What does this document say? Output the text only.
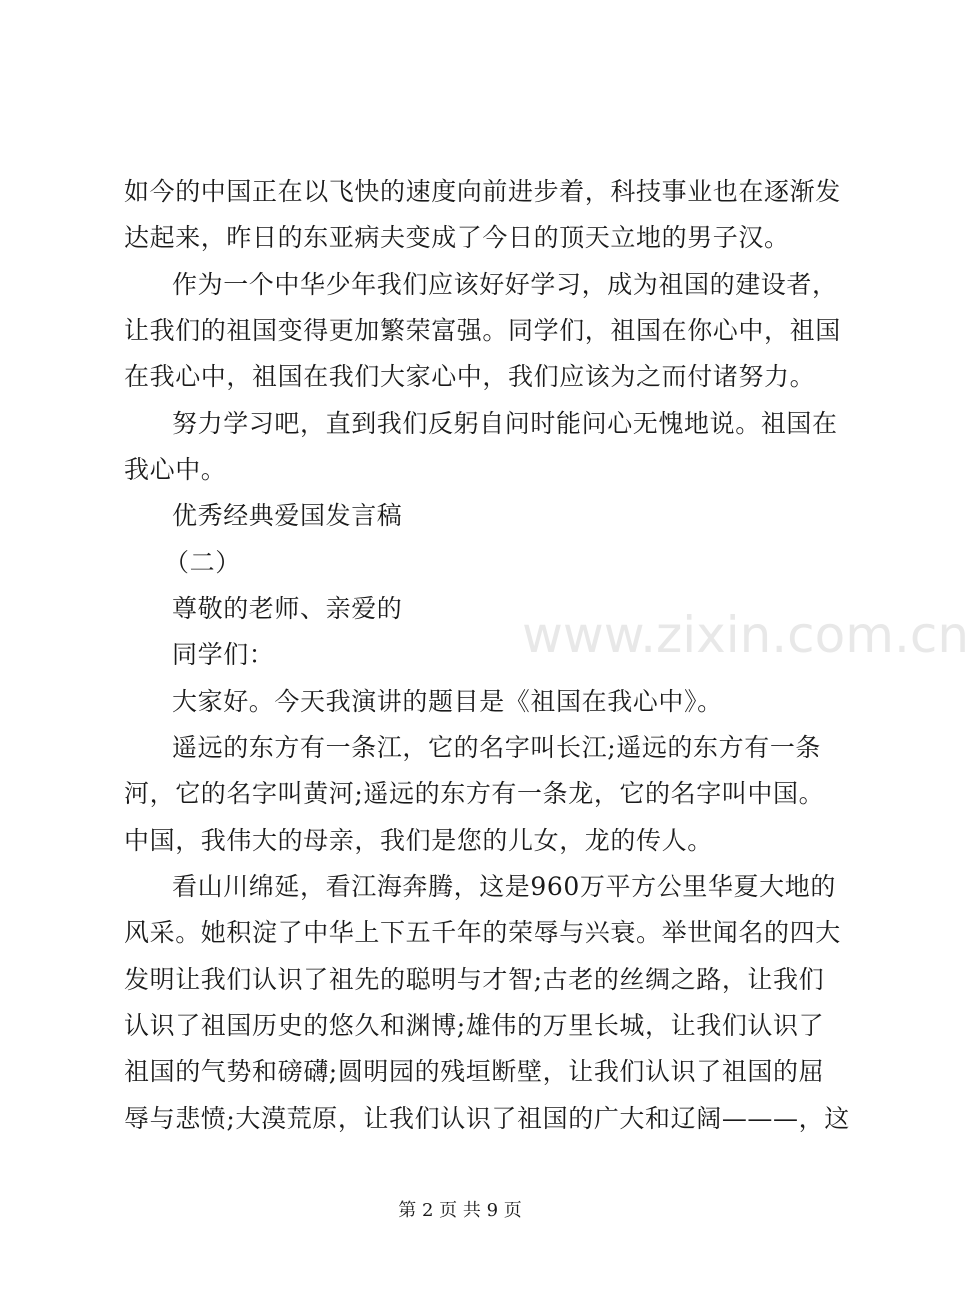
如今的中国正在以飞快的速度向前进步着，科技事业也在逐渐发
达起来，昨日的东亚病夫变成了今日的顶天立地的男子汉。
作为一个中华少年我们应该好好学习，成为祖国的建设者，
让我们的祖国变得更加繁荣富强。同学们，祖国在你心中，祖国
在我心中，祖国在我们大家心中，我们应该为之而付诸努力。
努力学习吧，直到我们反躬自问时能问心无愧地说。祖国在
我心中。
优秀经典爱国发言稿
（二）
尊敬的老师、亲爱的
同学们：
大家好。今天我演讲的题目是《祖国在我心中》。
遥远的东方有一条江，它的名字叫长江;遥远的东方有一条
河，它的名字叫黄河;遥远的东方有一条龙，它的名字叫中国。
中国，我伟大的母亲，我们是您的儿女，龙的传人。
看山川绵延，看江海奔腾，这是960万平方公里华夏大地的
风采。她积淀了中华上下五千年的荣辱与兴衰。举世闻名的四大
发明让我们认识了祖先的聪明与才智;古老的丝绸之路，让我们
认识了祖国历史的悠久和渊博;雄伟的万里长城，让我们认识了
祖国的气势和磅礴;圆明园的残垣断壁，让我们认识了祖国的屈
辱与悲愤;大漠荒原，让我们认识了祖国的广大和辽阔———，这
www.zixin.com.cn
第 2 页 共 9 页
